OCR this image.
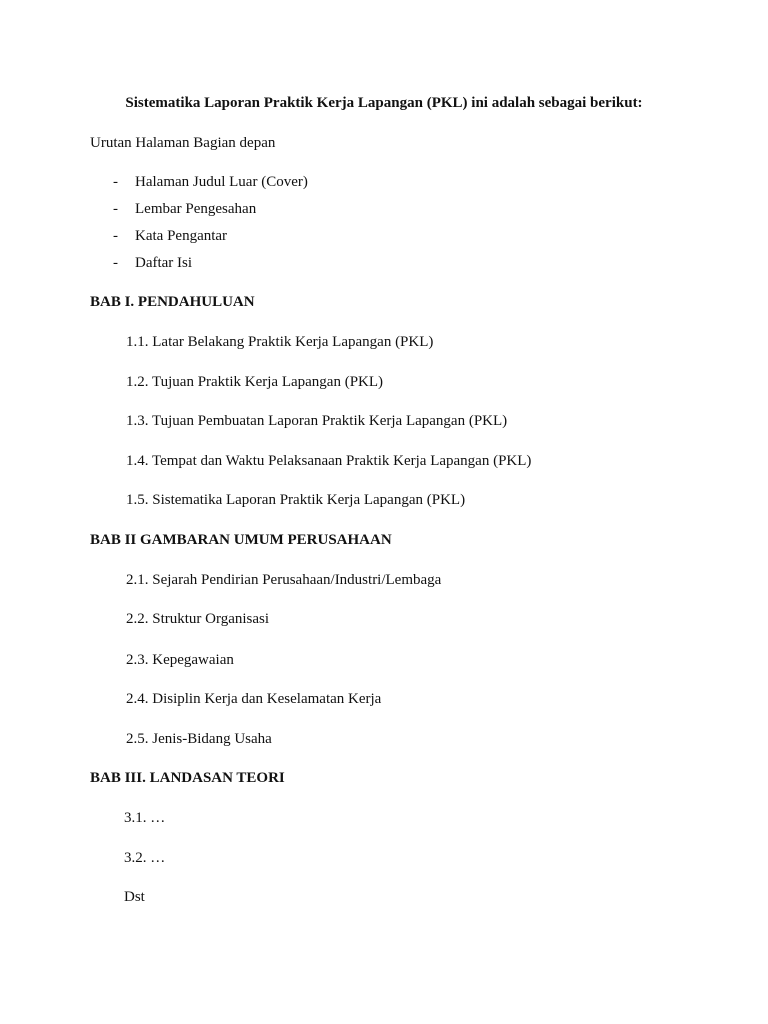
Sistematika Laporan Praktik Kerja Lapangan (PKL) ini adalah sebagai berikut:
Urutan Halaman Bagian depan
- Halaman Judul Luar (Cover)
- Lembar Pengesahan
- Kata Pengantar
- Daftar Isi
BAB I. PENDAHULUAN
1.1. Latar Belakang Praktik Kerja Lapangan (PKL)
1.2. Tujuan Praktik Kerja Lapangan (PKL)
1.3. Tujuan Pembuatan Laporan Praktik Kerja Lapangan (PKL)
1.4. Tempat dan Waktu Pelaksanaan Praktik Kerja Lapangan (PKL)
1.5. Sistematika Laporan Praktik Kerja Lapangan (PKL)
BAB II GAMBARAN UMUM PERUSAHAAN
2.1. Sejarah Pendirian Perusahaan/Industri/Lembaga
2.2. Struktur Organisasi
2.3. Kepegawaian
2.4. Disiplin Kerja dan Keselamatan Kerja
2.5. Jenis-Bidang Usaha
BAB III. LANDASAN TEORI
3.1. …
3.2. …
Dst
